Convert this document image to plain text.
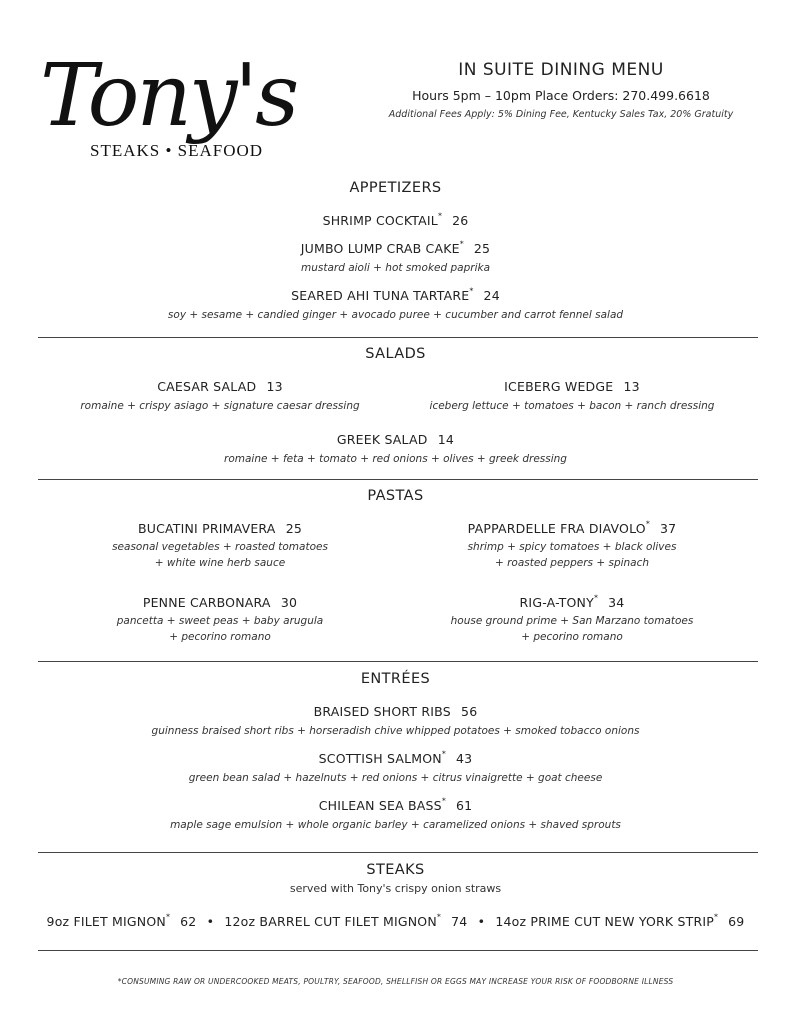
Tony's
STEAKS • SEAFOOD
IN SUITE DINING MENU
Hours 5pm – 10pm Place Orders: 270.499.6618
Additional Fees Apply: 5% Dining Fee, Kentucky Sales Tax, 20% Gratuity
APPETIZERS
SHRIMP COCKTAIL* 26
JUMBO LUMP CRAB CAKE* 25
mustard aioli + hot smoked paprika
SEARED AHI TUNA TARTARE* 24
soy + sesame + candied ginger + avocado puree + cucumber and carrot fennel salad
SALADS
CAESAR SALAD 13
romaine + crispy asiago + signature caesar dressing
ICEBERG WEDGE 13
iceberg lettuce + tomatoes + bacon + ranch dressing
GREEK SALAD 14
romaine + feta + tomato + red onions + olives + greek dressing
PASTAS
BUCATINI PRIMAVERA 25
seasonal vegetables + roasted tomatoes
+ white wine herb sauce
PAPPARDELLE FRA DIAVOLO* 37
shrimp + spicy tomatoes + black olives
+ roasted peppers + spinach
PENNE CARBONARA 30
pancetta + sweet peas + baby arugula
+ pecorino romano
RIG-A-TONY* 34
house ground prime + San Marzano tomatoes
+ pecorino romano
ENTRÉES
BRAISED SHORT RIBS 56
guinness braised short ribs + horseradish chive whipped potatoes + smoked tobacco onions
SCOTTISH SALMON* 43
green bean salad + hazelnuts + red onions + citrus vinaigrette + goat cheese
CHILEAN SEA BASS* 61
maple sage emulsion + whole organic barley + caramelized onions + shaved sprouts
STEAKS
served with Tony's crispy onion straws
9oz FILET MIGNON* 62 • 12oz BARREL CUT FILET MIGNON* 74 • 14oz PRIME CUT NEW YORK STRIP* 69
*CONSUMING RAW OR UNDERCOOKED MEATS, POULTRY, SEAFOOD, SHELLFISH OR EGGS MAY INCREASE YOUR RISK OF FOODBORNE ILLNESS
